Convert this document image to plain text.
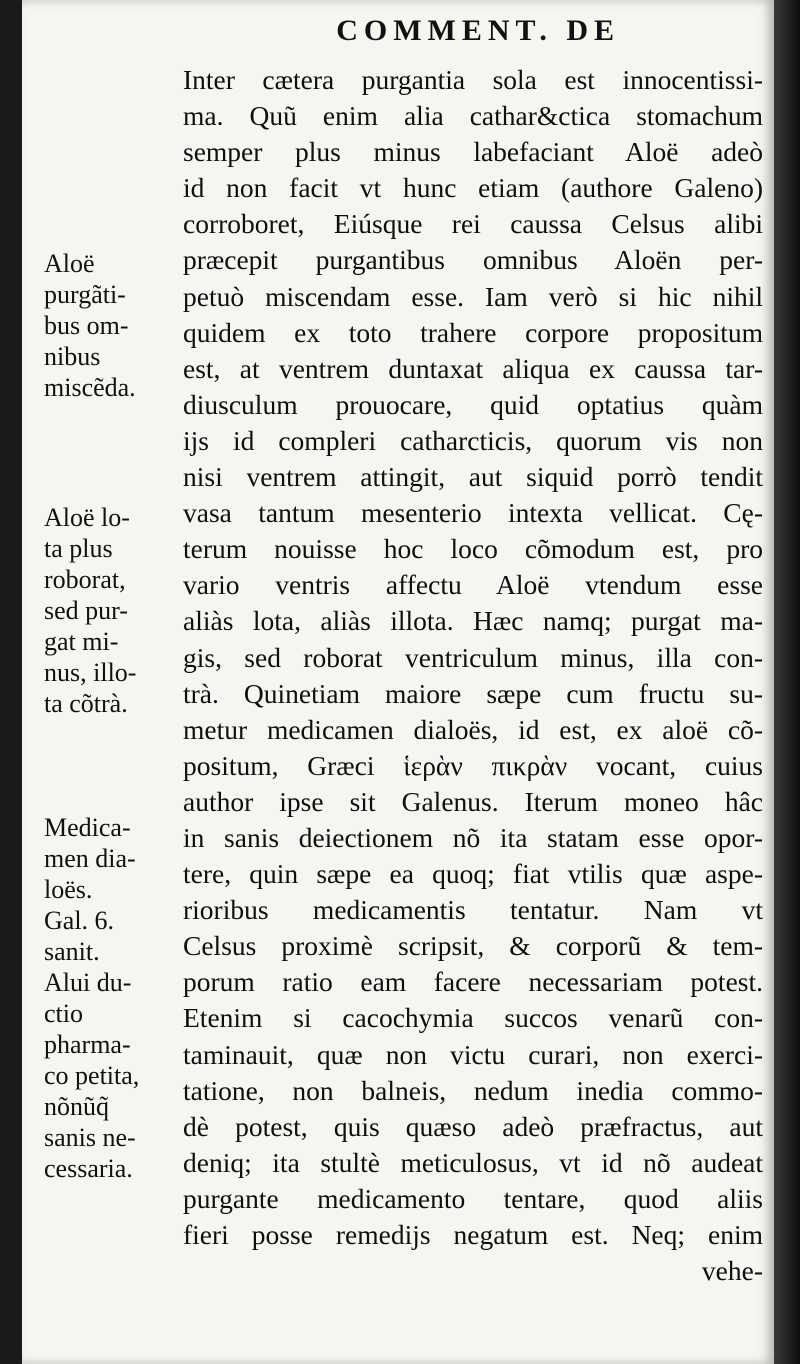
COMMENT. DE
Inter cætera purgantia sola est innocentissi-
ma. Quũ enim alia cathar&ctica stomachum
semper plus minus labefaciant Aloë adeò
id non facit vt hunc etiam (authore Galeno)
corroboret, Eiúsque rei caussa Celsus alibi
præcepit purgantibus omnibus Aloën per-
petuò miscendam esse. Iam verò si hic nihil
quidem ex toto trahere corpore propositum
est, at ventrem duntaxat aliqua ex caussa tar-
diusculum prouocare, quid optatius quàm
ijs id compleri catharcticis, quorum vis non
nisi ventrem attingit, aut siquid porrò tendit
vasa tantum mesenterio intexta vellicat. Cę-
terum nouisse hoc loco cõmodum est, pro
vario ventris affectu Aloë vtendum esse
aliàs lota, aliàs illota. Hæc namq; purgat ma-
gis, sed roborat ventriculum minus, illa con-
trà. Quinetiam maiore sæpe cum fructu su-
metur medicamen dialoës, id est, ex aloë cõ-
positum, Græci ἱερὰν πικρὰν vocant, cuius
author ipse sit Galenus. Iterum moneo hâc
in sanis deiectionem nõ ita statam esse opor-
tere, quin sæpe ea quoq; fiat vtilis quæ aspe-
rioribus medicamentis tentatur. Nam vt
Celsus proximè scripsit, & corporũ & tem-
porum ratio eam facere necessariam potest.
Etenim si cacochymia succos venarũ con-
taminauit, quæ non victu curari, non exerci-
tatione, non balneis, nedum inedia commo-
dè potest, quis quæso adeò præfractus, aut
deniq; ita stultè meticulosus, vt id nõ audeat
purgante medicamento tentare, quod aliis
fieri posse remedijs negatum est. Neq; enim
vehe-
Aloë
purgãti-
bus om-
nibus
miscẽda.
Aloë lo-
ta plus
roborat,
sed pur-
gat mi-
nus, illo-
ta cõtrà.
Medica-
men dia-
loës.
Gal. 6.
sanit.
Alui du-
ctio
pharma-
co petita,
nõnũq̃
sanis ne-
cessaria.
